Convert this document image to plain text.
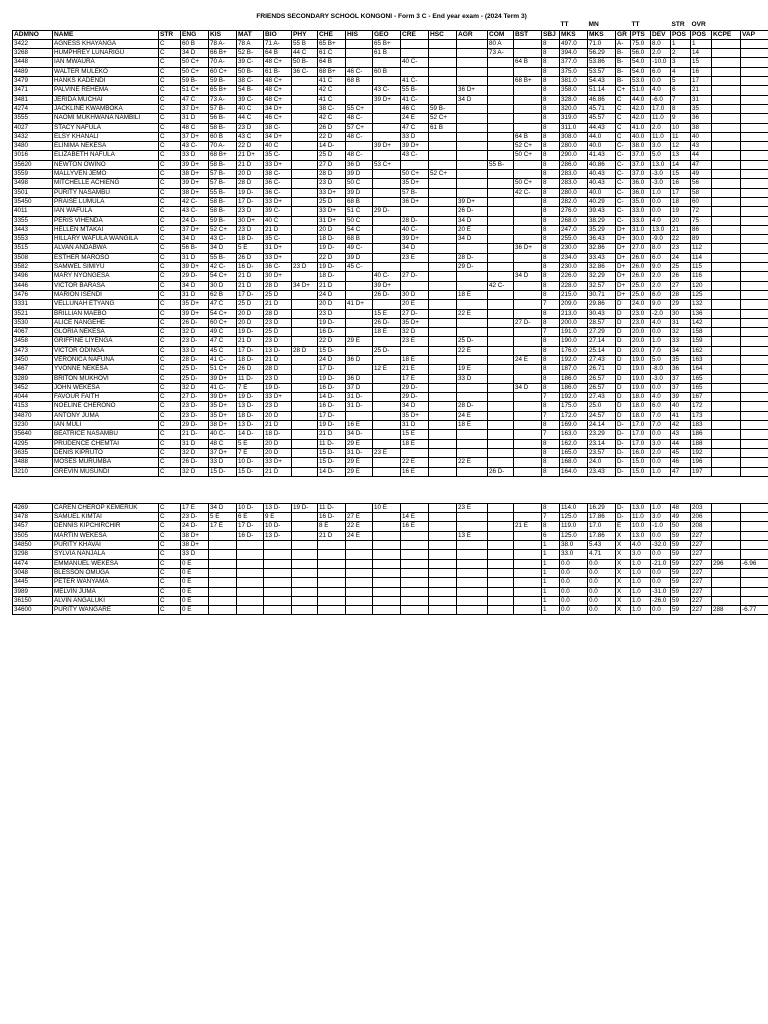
FRIENDS SECONDARY SCHOOL KONGONI - Form 3 C - End year exam - (2024 Term 3)																									
																	TT	MN		TT		STR	OVR		
ADMNO	NAME	STR	ENG	KIS	MAT	BIO	PHY	CHE	HIS	GEO	CRE	HSC	AGR	COM	BST	SBJ	MKS	MKS	GR	PTS	DEV	POS	POS	KCPE	VAP
3422	AGNESS KHAYANGA	C	60 B	78 A-	78 A	71 A-	55 B	65 B+		65 B+				80 A		8	497.0	71.0	A-	75.0	8.0	1	1		
3268	HUMPHREY LUNARIGU	C	34 D	66 B+	52 B-	64 B	44 C	61 C		61 B				73 A-		8	394.0	56.29	B-	56.0	2.0	2	14		
3448	IAN MWAURA	C	50 C+	70 A-	39 C-	48 C+	50 B-	64 B			40 C-				64 B	8	377.0	53.86	B-	54.0	-10.0	3	15		
4489	WALTER MULEKO	C	50 C+	60 C+	50 B-	61 B-	36 C-	68 B+	46 C-	60 B						8	375.0	53.57	B-	54.0	6.0	4	16		
3479	HANKS KADENDI	C	59 B-	59 B-	38 C-	48 C+		41 C	68 B		41 C-				68 B+	8	381.0	54.43	B-	53.0	0.0	5	17		
3471	PALVINE REHEMA	C	51 C+	65 B+	54 B-	48 C+		42 C		43 C-	55 B-		36 D+			8	358.0	51.14	C+	51.0	4.0	6	21		
3481	JERIDA MUCHAI	C	47 C	73 A-	39 C-	48 C+		41 C		39 D+	41 C-		34 D			8	328.0	46.86	C	44.0	-6.0	7	31		
4274	JACKLINE KWAMBOKA	C	37 D+	57 B-	40 C	34 D+		38 C-	55 C+		46 C	59 B-				8	320.0	45.71	C	42.0	17.0	8	35		
3555	NAOMI MUKHWANA NAMBILI	C	31 D	56 B-	44 C	46 C+		42 C	48 C-		24 E	52 C+				8	319.0	45.57	C	42.0	11.0	9	36		
4027	STACY NAFULA	C	48 C	58 B-	23 D	38 C-		26 D	57 C+		47 C	61 B				8	311.0	44.43	C	41.0	2.0	10	38		
3432	ELSY KHANALI	C	37 D+	60 B	43 C	34 D+		22 D	48 C-		33 D				64 B	8	308.0	44.0	C	40.0	11.0	11	40		
3480	ELINIMA NEKESA	C	43 C-	70 A-	22 D	40 C		14 D-		39 D+	39 D+				52 C+	8	280.0	40.0	C-	38.0	3.0	12	43		
3016	ELIZABETH NAFULA	C	33 D	68 B+	21 D+	35 C-		25 D	48 C-		43 C-				50 C+	8	290.0	41.43	C-	37.0	5.0	13	44		
35620	NEWTON OWINO	C	39 D+	58 B-	21 D	33 D+		27 D	36 D	53 C+				55 B-		8	286.0	40.86	C-	37.0	13.0	14	47		
3559	MALLYVEN JEMO	C	38 D+	57 B-	20 D	38 C-		28 D	39 D		50 C+	52 C+				8	283.0	40.43	C-	37.0	-3.0	15	49		
3498	MITCHELLE ACHIENG	C	39 D+	57 B-	28 D	36 C-		23 D	50 C		35 D+				50 C+	8	283.0	40.43	C-	36.0	-3.0	16	56		
3501	PURITY NASAMBU	C	38 D+	55 B-	19 D-	36 C-		33 D+	39 D		57 B-				42 C-	8	280.0	40.0	C-	36.0	1.0	17	58		
35450	PRAISE LUMULA	C	42 C-	58 B-	17 D-	33 D+		25 D	68 B		36 D+		39 D+			8	282.0	40.29	C-	35.0	0.0	18	60		
4011	IAN WAFULA	C	43 C-	58 B-	23 D	39 C-		33 D+	51 C	29 D-			26 D-			8	276.0	39.43	C-	33.0	0.0	19	72		
3355	PERIS VIHENDA	C	24 D-	59 B-	30 D+	40 C		31 D+	50 C		28 D-		34 D			8	268.0	38.29	C-	33.0	4.0	20	75		
3443	HELLEN MTAKAI	C	37 D+	52 C+	23 D	21 D		20 D	54 C		40 C-		20 E			8	247.0	35.29	D+	31.0	13.0	21	86		
3553	HILLARY WAFULA WANGILA	C	34 D	43 C-	18 D-	35 C-		18 D-	68 B		39 D+		34 D			8	255.0	36.43	D+	30.0	-9.0	22	89		
3515	ALVAN ANDABWA	C	56 B-	34 D	5 E	31 D+		19 D-	49 C-		34 D				36 D+	8	230.0	32.86	D+	27.0	8.0	23	112		
3508	ESTHER MAROSO	C	31 D	55 B-	26 D	33 D+		22 D	39 D		23 E		28 D-			8	234.0	33.43	D+	26.0	6.0	24	114		
3582	SAMWEL SIMIYU	C	39 D+	42 C-	16 D-	36 C-	23 D	19 D-	45 C-				29 D-			8	230.0	32.86	D+	26.0	9.0	25	115		
3496	MARY NYONGESA	C	29 D-	54 C+	21 D	30 D+		18 D-		40 C-	27 D-				34 D	8	226.0	32.29	D+	26.0	2.0	26	116		
3446	VICTOR BARASA	C	34 D	30 D	21 D	28 D	34 D+	21 D		39 D+				42 C-		8	228.0	32.57	D+	25.0	2.0	27	120		
3476	MARION ISENDI	C	31 D	62 B	17 D-	25 D		24 D		26 D-	30 D		18 E			8	215.0	30.71	D+	25.0	6.0	28	125		
3331	VELLUNAH ETYANG	C	35 D+	47 C	25 D	21 D		20 D	41 D+		20 E					7	209.0	29.86	D	24.0	9.0	29	132		
3521	BRILLIAN MAEBO	C	39 D+	54 C+	20 D	28 D		23 D		15 E	27 D-		22 E			8	213.0	30.43	D	23.0	-2.0	30	136		
3530	ALICE NANGEHE	C	26 D-	60 C+	20 D	23 D		19 D-		26 D-	35 D+				27 D-	8	200.0	28.57	D	23.0	4.0	31	142		
4067	GLORIA NEKESA	C	32 D	49 C	19 D-	25 D		16 D-		18 E	32 D					7	191.0	27.29	D	20.0	0.0	32	158		
3458	GRIFFINE LIYENGA	C	23 D-	47 C	21 D	23 D		22 D	29 E		23 E		25 D-			8	190.0	27.14	D	20.0	1.0	33	159		
3473	VICTOR ODINGA	C	33 D	45 C	17 D-	13 D-	28 D	15 D-		25 D-			22 E			8	176.0	25.14	D	20.0	7.0	34	162		
3450	VERONICA NAFUNA	C	28 D-	41 C-	18 D-	21 D		24 D	36 D		18 E				24 E	8	192.0	27.43	D	19.0	5.0	35	163		
3467	YVONNE NEKESA	C	25 D-	51 C+	26 D	28 D		17 D-		12 E	21 E		19 E			8	187.0	26.71	D	19.0	-8.0	36	164		
3289	BRITON MUKHOVI	C	25 D-	39 D+	11 D-	23 D		19 D-	36 D		17 E		33 D			8	186.0	26.57	D	19.0	-3.0	37	165		
3452	JOHN WEKESA	C	32 D	41 C-	7 E	19 D-		16 D-	37 D		29 D-				34 D	8	186.0	26.57	D	19.0	0.0	37	165		
4044	FAVOUR FAITH	C	27 D-	39 D+	19 D-	33 D+		14 D-	31 D-		29 D-					7	192.0	27.43	D	18.0	4.0	39	167		
4153	NOELINE CHERONO	C	23 D-	35 D+	13 D-	23 D		16 D-	31 D-		34 D		28 D-			8	175.0	25.0	D	18.0	6.0	40	172		
34870	ANTONY JUMA	C	23 D-	35 D+	18 D-	20 D		17 D-			35 D+		24 E			7	172.0	24.57	D	18.0	7.0	41	173		
3230	IAN MULI	C	29 D-	38 D+	13 D-	21 D		19 D-	16 E		31 D		18 E			8	169.0	24.14	D-	17.0	7.0	42	183		
35640	BEATRICE NASAMBU	C	21 D-	40 C-	14 D-	18 D-		21 D	34 D-		15 E					7	163.0	23.29	D-	17.0	0.0	43	186		
4295	PRUDENCE CHEMTAI	C	31 D	48 C	5 E	20 D		11 D-	29 E		18 E					8	162.0	23.14	D-	17.0	3.0	44	188		
3635	DENIS KIPRUTO	C	32 D	37 D+	7 E	20 D		15 D-	31 D-	23 E						8	165.0	23.57	D-	16.0	2.0	45	192		
3488	MOSES MURUMBA	C	26 D-	33 D	10 D-	33 D+		15 D-	29 E		22 E		22 E			8	168.0	24.0	D-	15.0	0.0	46	196		
3210	GREVIN MUSUNDI	C	32 D	15 D-	15 D-	21 D		14 D-	29 E		16 E			26 D-		8	164.0	23.43	D-	15.0	1.0	47	197		
4269	CAREN CHEROP KEMERUK	C	17 E	34 D	10 D-	13 D-	19 D-	11 D-		10 E			23 E			8	114.0	16.29	D-	13.0	1.0	48	203		
3478	SAMUEL KIMTAI	C	23 D-	5 E	6 E	9 E		16 D-	27 E		14 E					7	125.0	17.86	D-	11.0	3.0	49	206		
3457	DENNIS KIPCHIRCHIR	C	24 D-	17 E	17 D-	10 D-		8 E	22 E		16 E				21 E	8	119.0	17.0	E	10.0	-1.0	50	208		
3505	MARTIN WEKESA	C	38 D+		16 D-	13 D-		21 D	24 E				13 E			6	125.0	17.86	X	13.0	0.0	59	227		
34850	PURITY KHAVAI	C	38 D+													1	38.0	5.43	X	4.0	-32.0	59	227		
3298	SYLVIA NANJALA	C	33 D													1	33.0	4.71	X	3.0	0.0	59	227		
4474	EMMANUEL WEKESA	C	0 E													1	0.0	0.0	X	1.0	-21.0	59	227	296	-6.96
3048	BLESSON OMUGA	C	0 E													1	0.0	0.0	X	1.0	0.0	59	227		
3445	PETER WANYAMA	C	0 E													1	0.0	0.0	X	1.0	0.0	59	227		
3989	MELVIN JUMA	C	0 E													1	0.0	0.0	X	1.0	-31.0	59	227		
36150	ALVIN ANGALUKI	C	0 E													1	0.0	0.0	X	1.0	-26.0	59	227		
34600	PURITY WANGARE	C	0 E													1	0.0	0.0	X	1.0	0.0	59	227	288	-6.77
